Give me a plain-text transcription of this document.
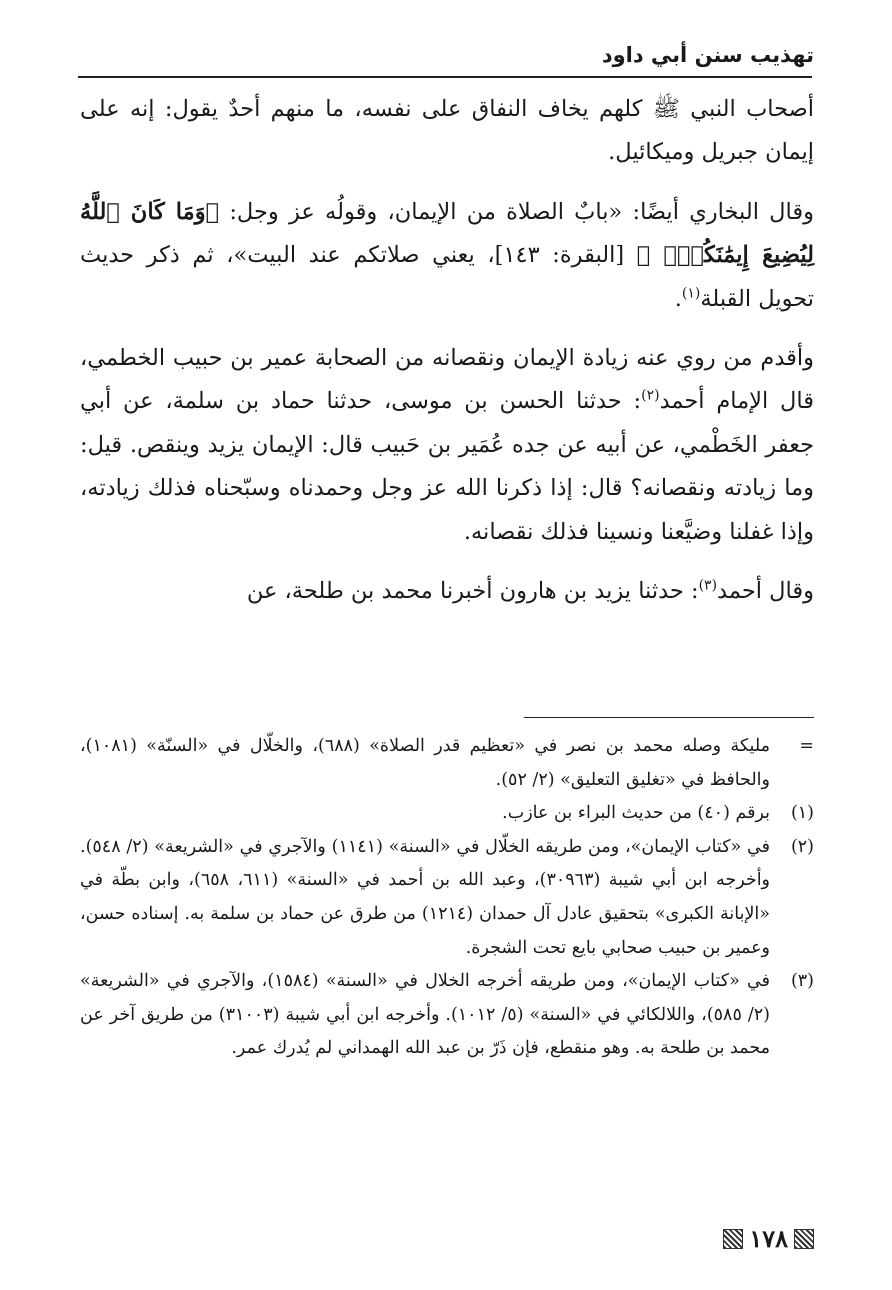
تهذيب سنن أبي داود

أصحاب النبي ﷺ كلهم يخاف النفاق على نفسه، ما منهم أحدٌ يقول: إنه على إيمان جبريل وميكائيل.

وقال البخاري أيضًا: «بابٌ الصلاة من الإيمان، وقولُه عز وجل: ﴿وَمَا كَانَ ٱللَّهُ لِيُضِيعَ إِيمَٰنَكُمْۚ ﴾ [البقرة: ١٤٣]، يعني صلاتكم عند البيت»، ثم ذكر حديث تحويل القبلة$^{(١)}$.

وأقدم من روي عنه زيادة الإيمان ونقصانه من الصحابة عمير بن حبيب الخطمي، قال الإمام أحمد$^{(٢)}$: حدثنا الحسن بن موسى، حدثنا حماد بن سلمة، عن أبي جعفر الخَطْمي، عن أبيه عن جده عُمَير بن حَبيب قال: الإيمان يزيد وينقص. قيل: وما زيادته ونقصانه؟ قال: إذا ذكرنا الله عز وجل وحمدناه وسبّحناه فذلك زيادته، وإذا غفلنا وضيَّعنا ونسينا فذلك نقصانه.

وقال أحمد$^{(٣)}$: حدثنا يزيد بن هارون أخبرنا محمد بن طلحة، عن

=
مليكة وصله محمد بن نصر في «تعظيم قدر الصلاة» (٦٨٨)، والخلّال في «السنّة» (١٠٨١)، والحافظ في «تغليق التعليق» (٢/ ٥٢).
(١)
برقم (٤٠) من حديث البراء بن عازب.
(٢)
في «كتاب الإيمان»، ومن طريقه الخلّال في «السنة» (١١٤١) والآجري في «الشريعة» (٢/ ٥٤٨). وأخرجه ابن أبي شيبة (٣٠٩٦٣)، وعبد الله بن أحمد في «السنة» (٦١١، ٦٥٨)، وابن بطّة في «الإبانة الكبرى» بتحقيق عادل آل حمدان (١٢١٤) من طرق عن حماد بن سلمة به. إسناده حسن، وعمير بن حبيب صحابي بايع تحت الشجرة.
(٣)
في «كتاب الإيمان»، ومن طريقه أخرجه الخلال في «السنة» (١٥٨٤)، والآجري في «الشريعة» (٢/ ٥٨٥)، واللالكائي في «السنة» (٥/ ١٠١٢). وأخرجه ابن أبي شيبة (٣١٠٠٣) من طريق آخر عن محمد بن طلحة به. وهو منقطع، فإن ذَرّ بن عبد الله الهمداني لم يُدرك عمر.
١٧٨
